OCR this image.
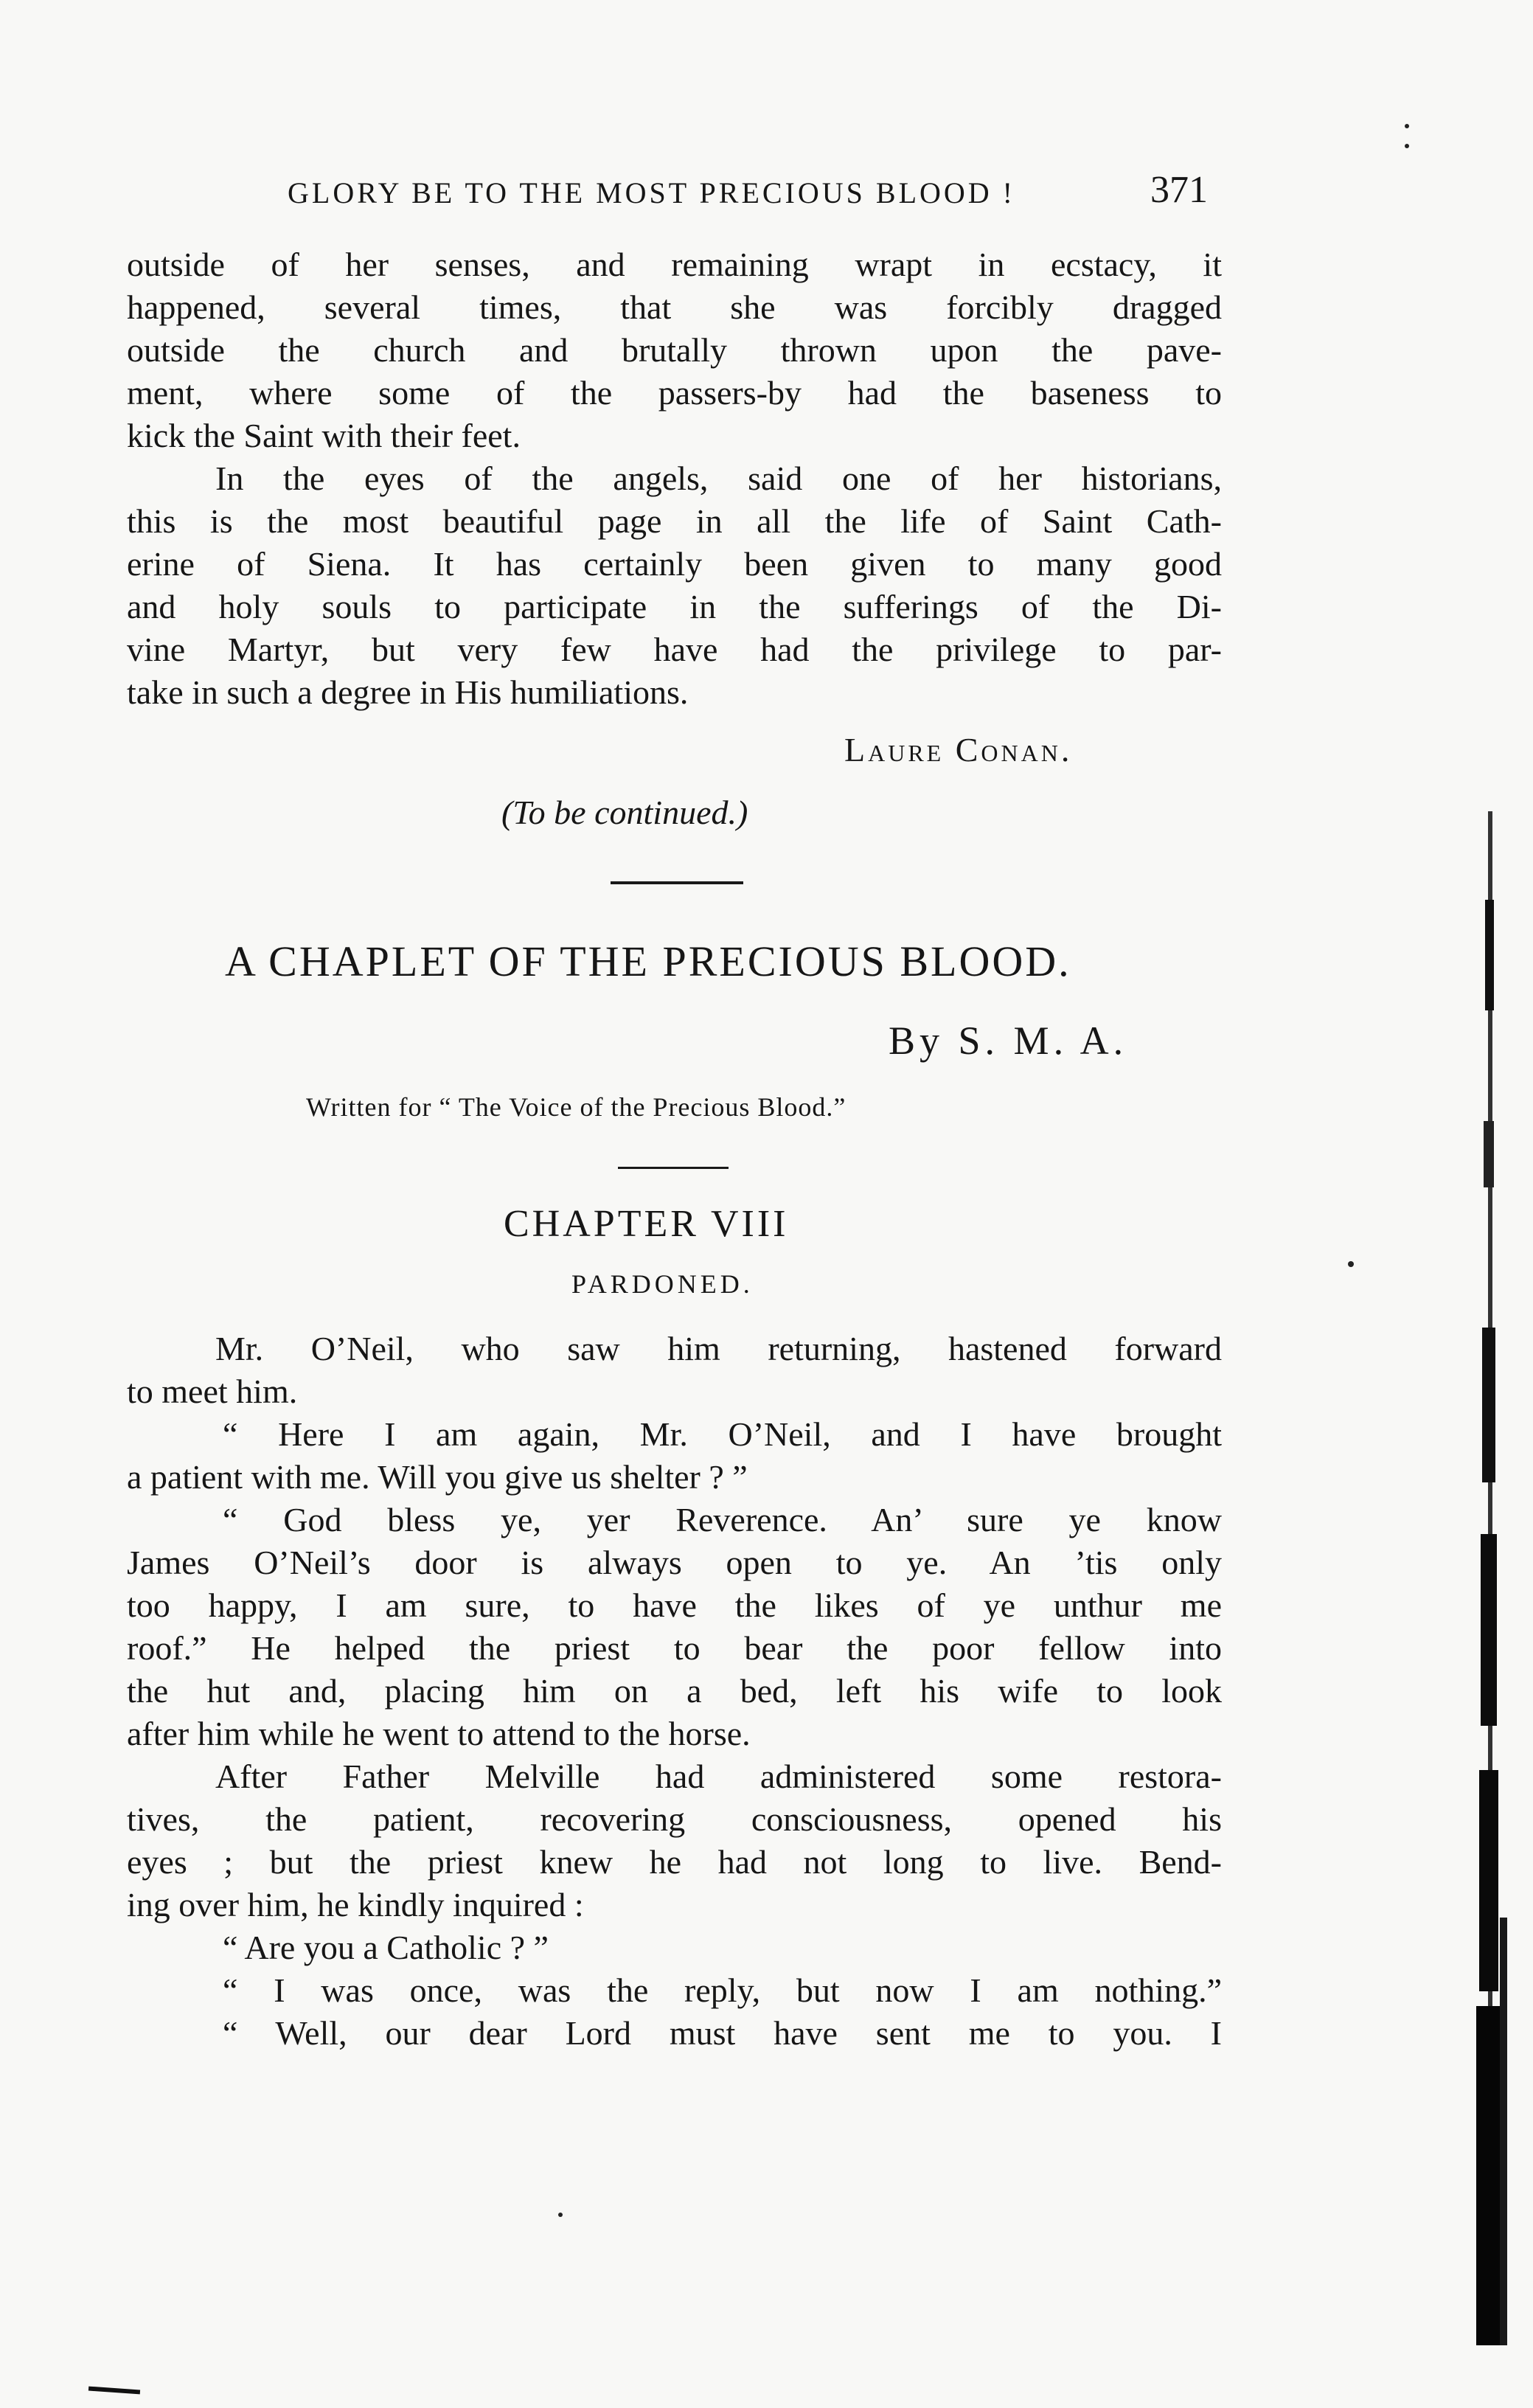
GLORY BE TO THE MOST PRECIOUS BLOOD !	371
outside of her senses, and remaining wrapt in ecstacy, it
happened, several times, that she was forcibly dragged
outside the church and brutally thrown upon the pave-
ment, where some of the passers-by had the baseness to
kick the Saint with their feet.
In the eyes of the angels, said one of her historians,
this is the most beautiful page in all the life of Saint Cath-
erine of Siena. It has certainly been given to many good
and holy souls to participate in the sufferings of the Di-
vine Martyr, but very few have had the privilege to par-
take in such a degree in His humiliations.
Laure Conan.
(To be continued.)
A CHAPLET OF THE PRECIOUS BLOOD.
By S. M. A.
Written for “ The Voice of the Precious Blood.”
CHAPTER VIII
PARDONED.
Mr. O’Neil, who saw him returning, hastened forward
to meet him.
“ Here I am again, Mr. O’Neil, and I have brought
a patient with me. Will you give us shelter ? ”
“ God bless ye, yer Reverence. An’ sure ye know
James O’Neil’s door is always open to ye. An ’tis only
too happy, I am sure, to have the likes of ye unthur me
roof.” He helped the priest to bear the poor fellow into
the hut and, placing him on a bed, left his wife to look
after him while he went to attend to the horse.
After Father Melville had administered some restora-
tives, the patient, recovering consciousness, opened his
eyes ; but the priest knew he had not long to live. Bend-
ing over him, he kindly inquired :
“ Are you a Catholic ? ”
“ I was once, was the reply, but now I am nothing.”
“ Well, our dear Lord must have sent me to you. I
